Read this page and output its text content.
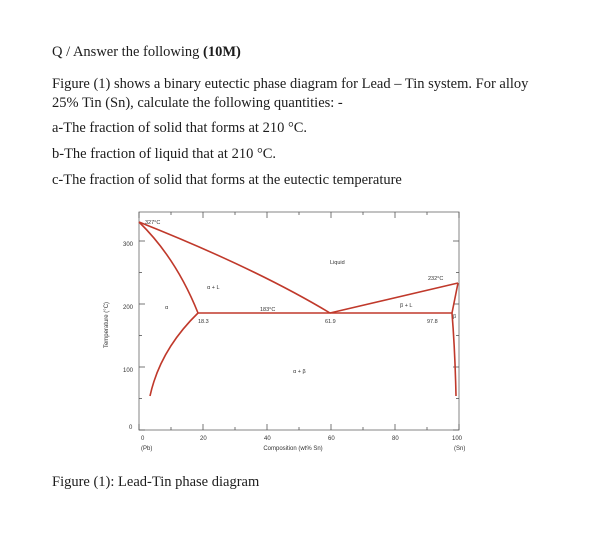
Q / Answer the following (10M)
Figure (1) shows a binary eutectic phase diagram for Lead – Tin system. For alloy
25% Tin (Sn), calculate the following quantities: -
a-The fraction of solid that forms at 210 °C.
b-The fraction of liquid that at 210 °C.
c-The fraction of solid that forms at the eutectic temperature
0	20	40	60	80	100
0
100
200
300
Composition (wt% Sn)
(Pb)	(Sn)
Temperature (°C)
327°C
232°C
183°C
18.3	61.9	97.8
Liquid
α + L
β + L
α + β
α
β
Figure (1): Lead-Tin phase diagram
